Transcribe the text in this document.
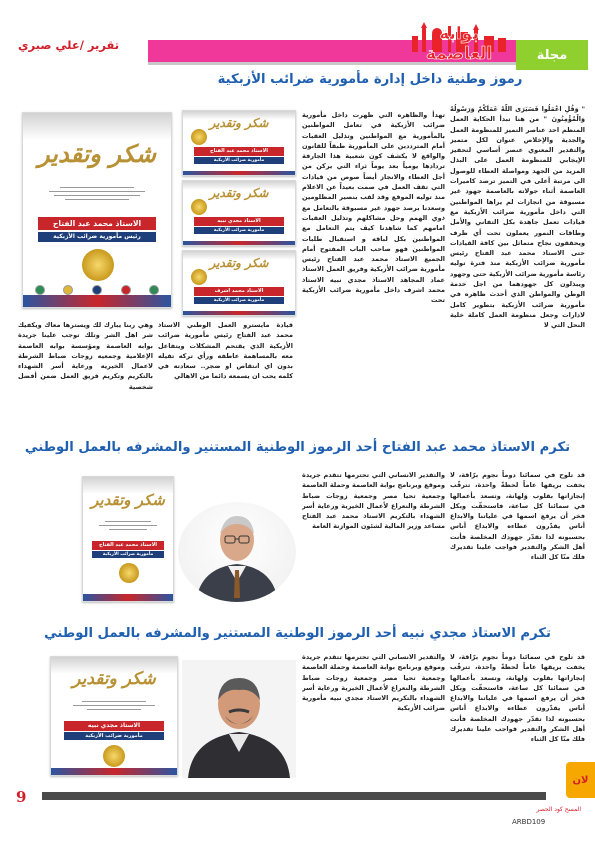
مجلة
بوابة العاصمة
تقرير /علي صبري
رموز وطنية داخل إدارة مأمورية ضرائب الأزبكية

" وَقُلِ اعْمَلُوا فَسَيَرَى اللَّهُ عَمَلَكُمْ وَرَسُولُهُ وَالْمُؤْمِنُونَ " من هنا تبدأ الحكاية العمل المنظم احد عناصر التميز للمنظومة العمل والجدية والإخلاص عنوان لكل متميز والتقدير المعنوي عنصر أساسي لتحفيز الإيجابي للمنظومة العمل على البذل المزيد من الجهد ومواصلة العطاء للوصول الى مرتبة أعلى في التميز ترصد كاميرات العاصمة أثناء جولاته بالعاصمة جهود غير مسبوقة من انجازات لم يراها المواطنين التي داخل مأمورية ضرائب الأزبكية مع قيادات تعمل جاهدة بكل التفاني والأمل وطاقات النمور يعملون تحت أي ظرف ويحققون نجاح متماثل بين كافة القيادات حتى الاستاذ محمد عبد الفتاح رئيس مأمورية ضرائب الأزبكية منذ فترة توليه رئاسة مأمورية ضرائب الأزبكية حتى وجهود ويبذلون كل جهودهما من اجل خدمة الوطن والمواطن الذي أحدث ظاهره في مأمورية ضرائب الأزبكية بتطوير كامل لادارات وجعل منظومة العمل كاملة خلية النحل التي لا

تهدأ والظاهره التي ظهرت داخل مأمورية ضرائب الأزبكية في تعامل المواطنين بالمأمورية مع المواطنين وتذليل العقبات أمام المترددين على المأمورية طبقاً للقانون والواقع لا يكشف كون شعبية هذا الجارفة تردادها يومياً بعد يوماً ثراء التي يركن من أجل العطاء والانجاز أيضاً صوص من قيادات التي تقف العمل في صمت بعيداً عن الاعلام منذ توليه الموقع وقد لقب بنصير المظلومين وسعدنا برصد جهود غير مسبوقة بالتعامل مع ذوي الهمم وحل مشاكلهم وتذليل العقبات امامهم كما شاهدنا كيف يتم التعامل مع المواطنين بكل لباقه و استقبال طلبات المواطنين فهو صاحب الباب المفتوح أمام الجميع الاستاذ محمد عبد الفتاح رئيس مأمورية ضرائب الأزبكية وفريق العمل الاستاذ عماد المجاهد الاستاذ مجدي نبيه الاستاذ محمد اشرف داخل مأمورية ضرائب الأزبكية تحت

قيادة مايسترو العمل الوطني الاستاذ محمد عبد الفتاح رئيس مأمورية ضرائب الأزبكية الذي يقتحم المشكلات ويتفاعل معه بالمساهمة عاطفه ورأي تركه تقيله بدون اي انتقاص او ضجر.. سعادته في كلمه يحب ان يسمعه دائما من الاهالي

وهي ربنا يبارك لك ويسترها معاك ويكفيك شر اهل الشر وتلك توجب علينا جريدة بوابه العاصمة ومؤسسة بوابه العاصمة الإعلامية وجمعيه زوجات ضباط الشرطة لاعمال الخيريه ورعاية أسر الشهداء بالتكريم وتكريم فريق العمل ضمن أفضل شخصية

شكر وتقدير
الاستاذ محمد عبد الفتاح
رئيس مأمورية ضرائب الأزبكية
شكر وتقدير
الاستاذ محمد عبد الفتاح
مأمورية ضرائب الأزبكية
شكر وتقدير
الاستاذ مجدي نبيه
مأمورية ضرائب الأزبكية
شكر وتقدير
الاستاذ محمد اشرف
مأمورية ضرائب الأزبكية
تكرم الاستاذ محمد عبد الفتاح أحد الرموز الوطنية المستنير والمشرفه بالعمل الوطني

قد تلوح في سمائنا دوماً نجوم برّاقة، لا يخفت بريقها عاماً لحظةً واحدة، تترقّب إنجازاتها بقلوب وَلهانة، وتسعد بأعمالها في سمائنا كل ساعة، فاستحقّت وبكل فخر أن يرفع اسمها في علياتنا والابداع أناس يقدّرون عطاءه والابداع أناس بحسبونه لذا تقدّر جهودك المخلصة فأنت أهل الشكر والتقدير فواجب علينا تقديرك فلك منّا كل الثناء

والتقدير الانساني التي تحترمها تتقدم جريدة وموقع وبرنامج بوابة العاصمة وحملة العاصمة وجمعية تحيا مصر وجمعية زوجات ضباط الشرطة والنعراع لأعمال الخيرية ورعاية أسر الشهداء بالتكريم الاستاذ محمد عبد الفتاح مساعد وزير المالية لشئون الموازنة العامة

شكر وتقدير
الاستاذ محمد عبد الفتاح
مأمورية ضرائب الأزبكية
تكرم الاستاذ مجدي نبيه أحد الرموز الوطنية المستنير والمشرفه بالعمل الوطني

قد تلوح في سمائنا دوماً نجوم برّاقة، لا يخفت بريقها عاماً لحظةً واحدة، تترقّب إنجازاتها بقلوب وَلهانة، وتسعد بأعمالها في سمائنا كل ساعة، فاستحقّت وبكل فخر أن يرفع اسمها في علياتنا والابداع أناس يقدّرون عطاءه والابداع أناس بحسبونه لذا تقدّر جهودك المخلصة فأنت أهل الشكر والتقدير فواجب علينا تقديرك فلك منّا كل الثناء

والتقدير الانساني التي تحترمها تتقدم جريدة وموقع وبرنامج بوابة العاصمة وحملة العاصمة وجمعية تحيا مصر وجمعية زوجات ضباط الشرطة والنعراع لأعمال الخيرية ورعاية أسر الشهداء بالتكريم الاستاذ مجدي نبيه مأمورية ضرائب الأزبكية

شكر وتقدير
الاستاذ مجدي نبيه
مأمورية ضرائب الأزبكية
9
المسح كود الحصر
ARBD109
لان
